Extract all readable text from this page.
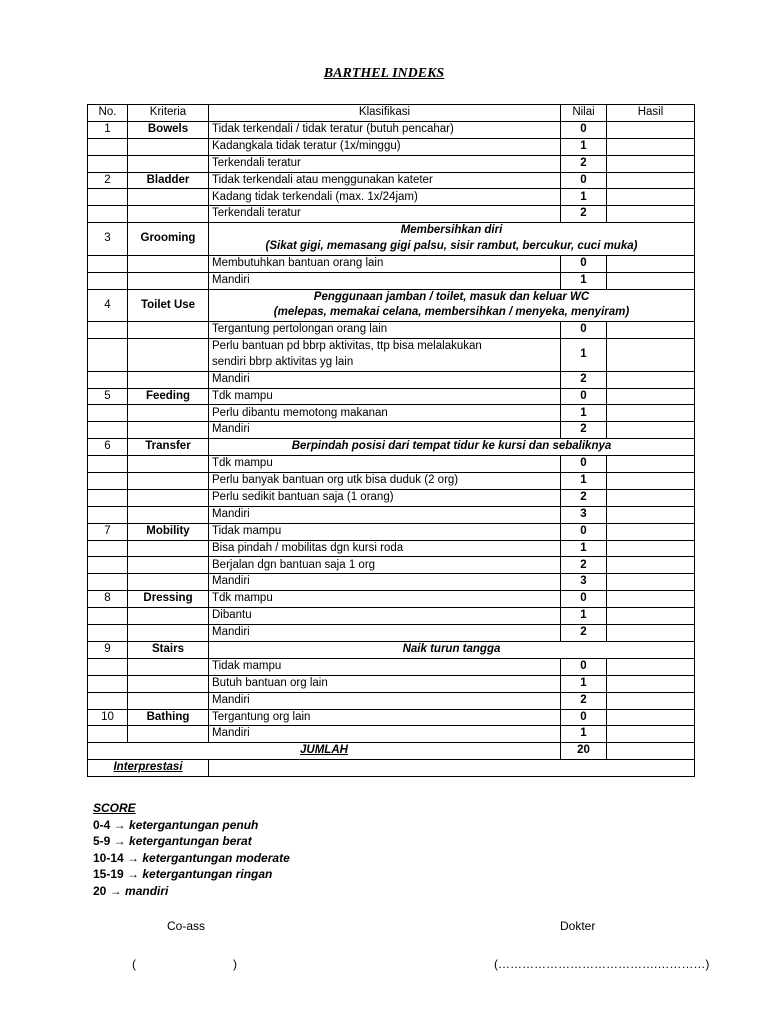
BARTHEL INDEKS
No.	Kriteria	Klasifikasi	Nilai	Hasil
1	Bowels	Tidak terkendali / tidak teratur (butuh pencahar)	0	

		Kadangkala tidak teratur (1x/minggu)	1	

		Terkendali teratur	2	
2	Bladder	Tidak terkendali atau menggunakan kateter	0	

		Kadang tidak terkendali (max. 1x/24jam)	1	

		Terkendali teratur	2	
3	Grooming	Membersihkan diri
(Sikat gigi, memasang gigi palsu, sisir rambut, bercukur, cuci muka)		

		Membutuhkan bantuan orang lain	0	

		Mandiri	1	
4	Toilet Use	Penggunaan jamban / toilet, masuk dan keluar WC
(melepas, memakai celana, membersihkan / menyeka, menyiram)		

		Tergantung pertolongan orang lain	0	

		Perlu bantuan pd bbrp aktivitas, ttp bisa melalakukan
sendiri bbrp aktivitas yg lain	1	

		Mandiri	2	
5	Feeding	Tdk mampu	0	

		Perlu dibantu memotong makanan	1	

		Mandiri	2	
6	Transfer	Berpindah posisi dari tempat tidur ke kursi dan sebaliknya		

		Tdk mampu	0	

		Perlu banyak bantuan org utk bisa duduk (2 org)	1	

		Perlu sedikit bantuan saja (1 orang)	2	

		Mandiri	3	
7	Mobility	Tidak mampu	0	

		Bisa pindah / mobilitas dgn kursi roda	1	

		Berjalan dgn bantuan saja 1 org	2	

		Mandiri	3	
8	Dressing	Tdk mampu	0	

		Dibantu	1	

		Mandiri	2	
9	Stairs	Naik turun tangga		

		Tidak mampu	0	

		Butuh bantuan org lain	1	

		Mandiri	2	
10	Bathing	Tergantung org lain	0	

		Mandiri	1	
JUMLAH			20	
Interprestasi				
SCORE
0-4 → ketergantungan penuh
5-9 → ketergantungan berat
10-14 → ketergantungan moderate
15-19 → ketergantungan ringan
20 → mandiri
Co-ass	Dokter
(	)	(………………………………….…………)
